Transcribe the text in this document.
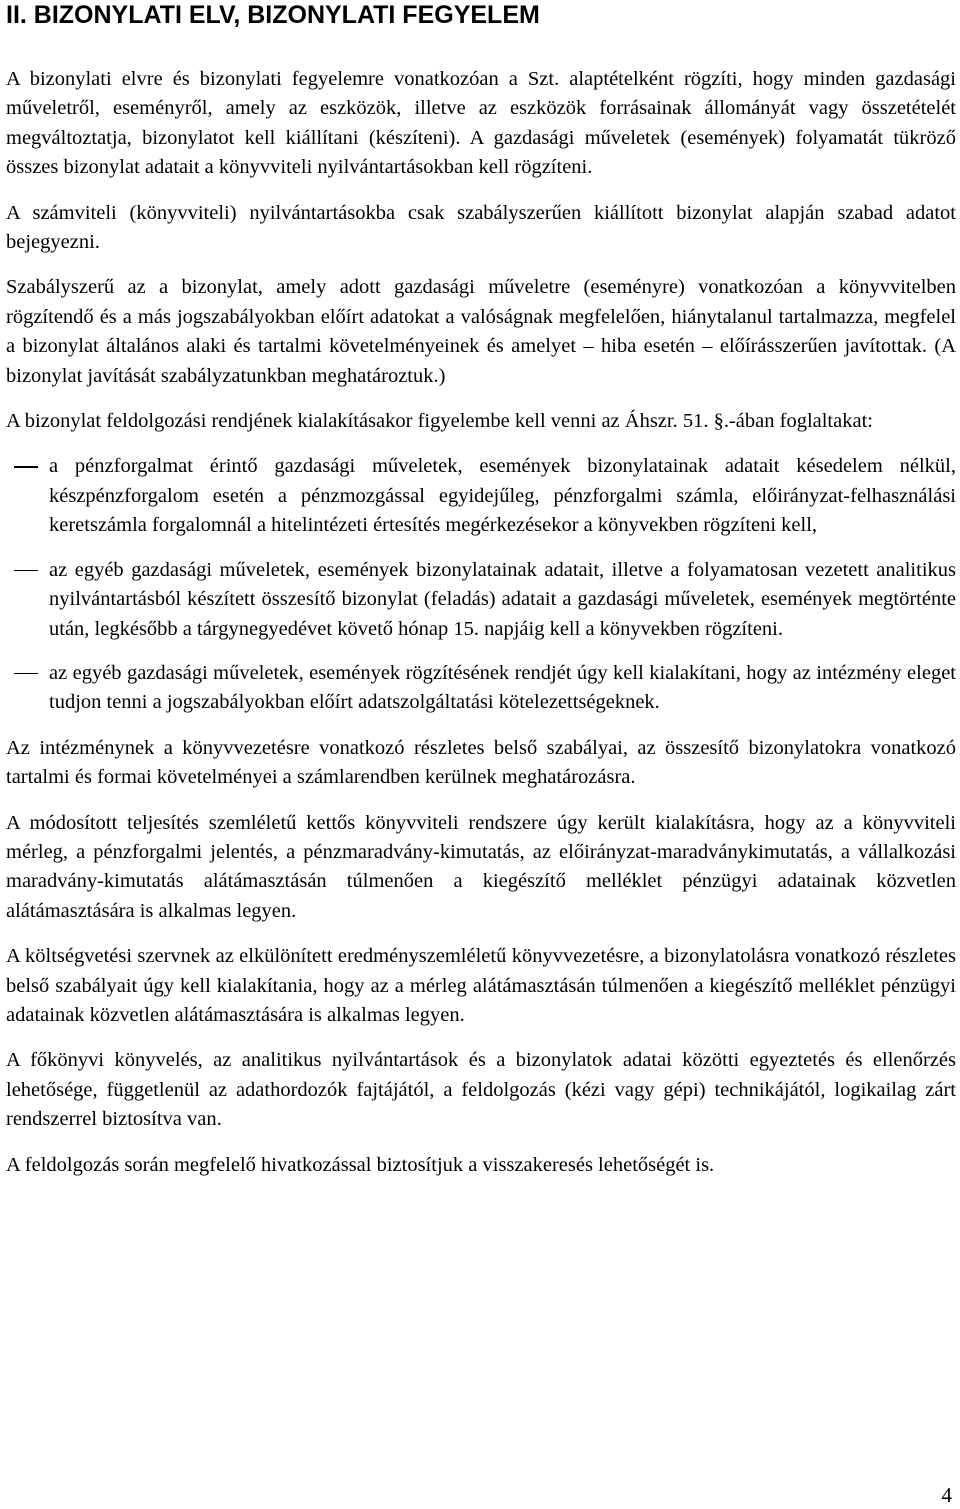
II. BIZONYLATI ELV, BIZONYLATI FEGYELEM

A bizonylati elvre és bizonylati fegyelemre vonatkozóan a Szt. alaptételként rögzíti, hogy minden gazdasági műveletről, eseményről, amely az eszközök, illetve az eszközök forrásainak állományát vagy összetételét megváltoztatja, bizonylatot kell kiállítani (készíteni). A gazdasági műveletek (események) folyamatát tükröző összes bizonylat adatait a könyvviteli nyilvántartásokban kell rögzíteni.

A számviteli (könyvviteli) nyilvántartásokba csak szabályszerűen kiállított bizonylat alapján szabad adatot bejegyezni.

Szabályszerű az a bizonylat, amely adott gazdasági műveletre (eseményre) vonatkozóan a könyvvitelben rögzítendő és a más jogszabályokban előírt adatokat a valóságnak megfelelően, hiánytalanul tartalmazza, megfelel a bizonylat általános alaki és tartalmi követelményeinek és amelyet – hiba esetén – előírásszerűen javítottak. (A bizonylat javítását szabályzatunkban meghatároztuk.)

A bizonylat feldolgozási rendjének kialakításakor figyelembe kell venni az Áhszr. 51. §.-ában foglaltakat:

a pénzforgalmat érintő gazdasági műveletek, események bizonylatainak adatait késedelem nélkül, készpénzforgalom esetén a pénzmozgással egyidejűleg, pénzforgalmi számla, előirányzat-felhasználási keretszámla forgalomnál a hitelintézeti értesítés megérkezésekor a könyvekben rögzíteni kell,
az egyéb gazdasági műveletek, események bizonylatainak adatait, illetve a folyamatosan vezetett analitikus nyilvántartásból készített összesítő bizonylat (feladás) adatait a gazdasági műveletek, események megtörténte után, legkésőbb a tárgynegyedévet követő hónap 15. napjáig kell a könyvekben rögzíteni.
az egyéb gazdasági műveletek, események rögzítésének rendjét úgy kell kialakítani, hogy az intézmény eleget tudjon tenni a jogszabályokban előírt adatszolgáltatási kötelezettségeknek.

Az intézménynek a könyvvezetésre vonatkozó részletes belső szabályai, az összesítő bizonylatokra vonatkozó tartalmi és formai követelményei a számlarendben kerülnek meghatározásra.

A módosított teljesítés szemléletű kettős könyvviteli rendszere úgy került kialakításra, hogy az a könyvviteli mérleg, a pénzforgalmi jelentés, a pénzmaradvány-kimutatás, az előirányzat-maradványkimutatás, a vállalkozási maradvány-kimutatás alátámasztásán túlmenően a kiegészítő melléklet pénzügyi adatainak közvetlen alátámasztására is alkalmas legyen.

A költségvetési szervnek az elkülönített eredményszemléletű könyvvezetésre, a bizonylatolásra vonatkozó részletes belső szabályait úgy kell kialakítania, hogy az a mérleg alátámasztásán túlmenően a kiegészítő melléklet pénzügyi adatainak közvetlen alátámasztására is alkalmas legyen.

A főkönyvi könyvelés, az analitikus nyilvántartások és a bizonylatok adatai közötti egyeztetés és ellenőrzés lehetősége, függetlenül az adathordozók fajtájától, a feldolgozás (kézi vagy gépi) technikájától, logikailag zárt rendszerrel biztosítva van.

A feldolgozás során megfelelő hivatkozással biztosítjuk a visszakeresés lehetőségét is.

4
